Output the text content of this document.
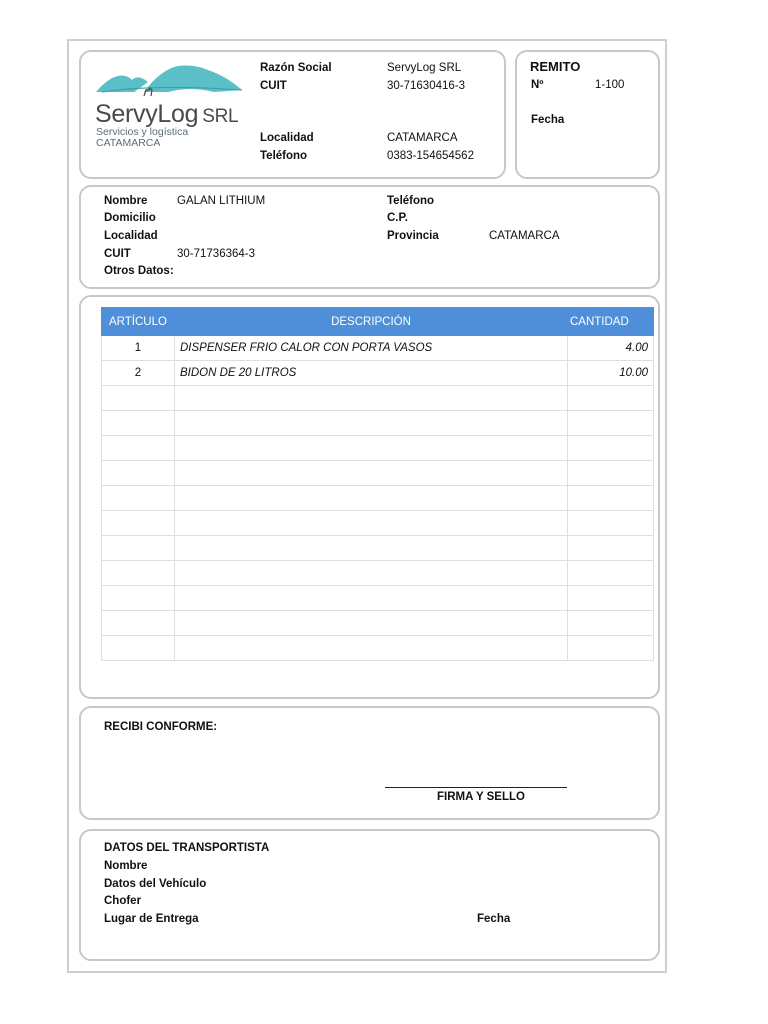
ServyLog SRL
Servicios y logística
CATAMARCA
Razón Social	ServyLog SRL
CUIT	30-71630416-3
Localidad	CATAMARCA
Teléfono	0383-154654562
REMITO
Nº	1-100
Fecha
Nombre	GALAN LITHIUM
Domicilio
Localidad
CUIT	30-71736364-3
Otros Datos:
Teléfono
C.P.
Provincia	CATAMARCA
ARTÍCULO	DESCRIPCIÓN	CANTIDAD
1	DISPENSER FRIO CALOR CON PORTA VASOS	4.00
2	BIDON DE 20 LITROS	10.00

RECIBI CONFORME:
FIRMA Y SELLO
DATOS DEL TRANSPORTISTA
Nombre
Datos del Vehículo
Chofer
Lugar de Entrega	Fecha
